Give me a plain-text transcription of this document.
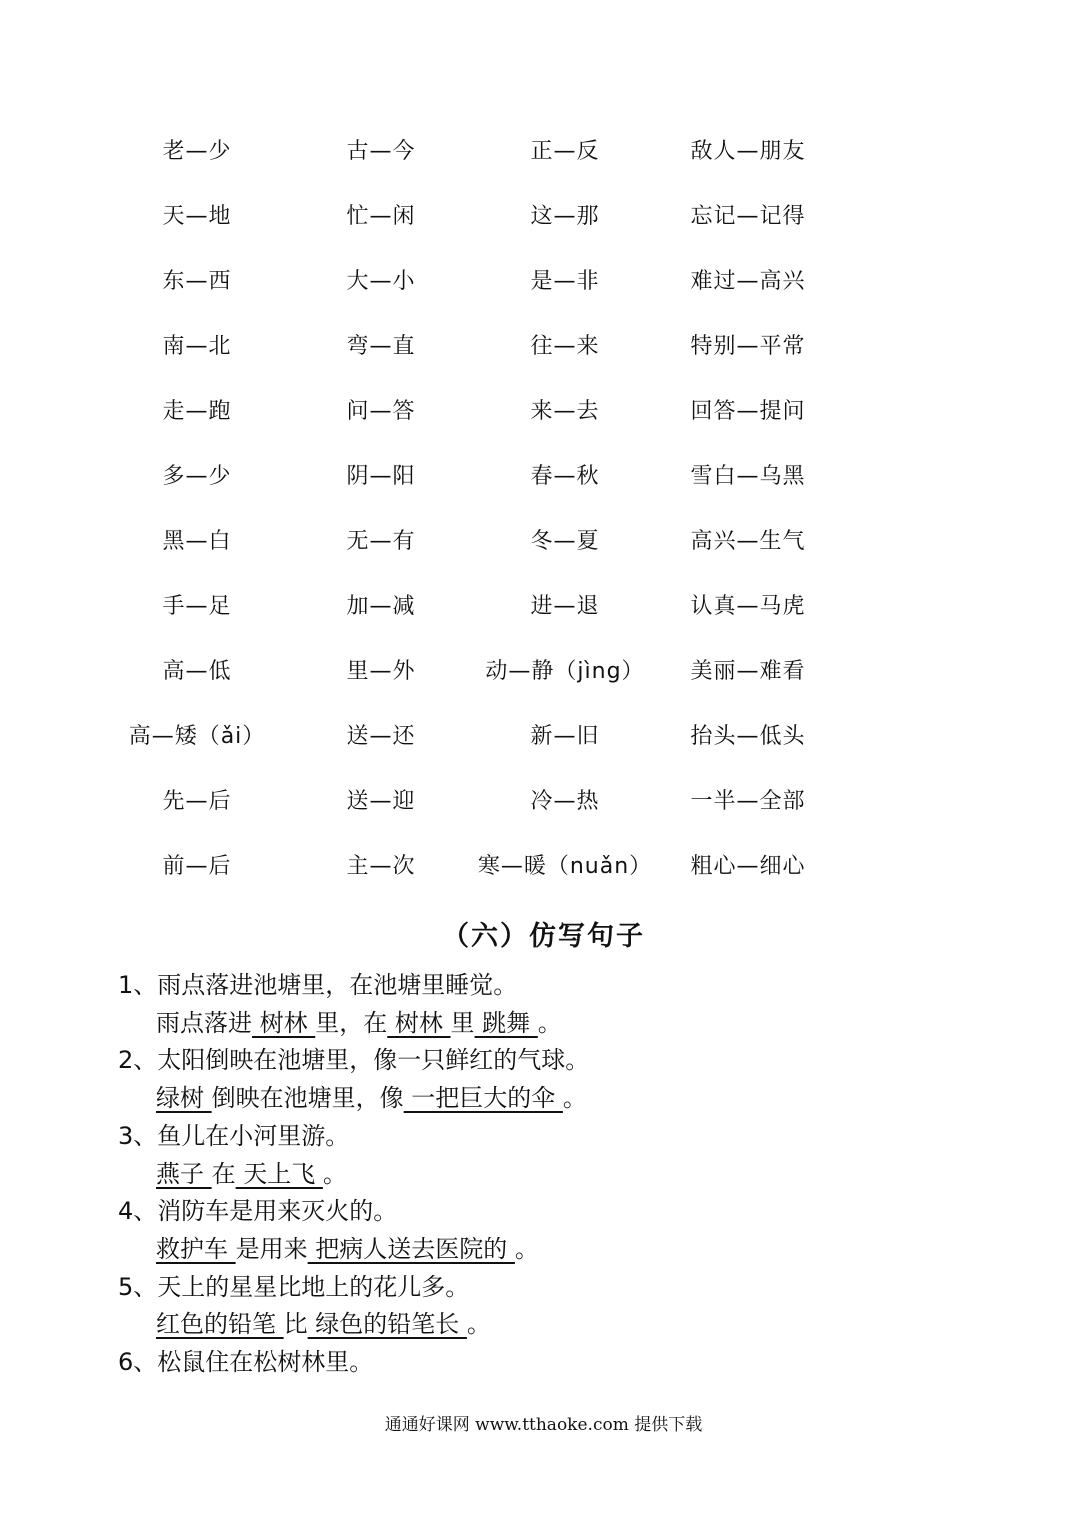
老—少	古—今	正—反	敌人—朋友
天—地	忙—闲	这—那	忘记—记得
东—西	大—小	是—非	难过—高兴
南—北	弯—直	往—来	特别—平常
走—跑	问—答	来—去	回答—提问
多—少	阴—阳	春—秋	雪白—乌黑
黑—白	无—有	冬—夏	高兴—生气
手—足	加—减	进—退	认真—马虎
高—低	里—外	动—静（jìng）	美丽—难看
高—矮（ǎi）	送—还	新—旧	抬头—低头
先—后	送—迎	冷—热	一半—全部
前—后	主—次	寒—暖（nuǎn）	粗心—细心
（六）仿写句子
1、雨点落进池塘里，在池塘里睡觉。
雨点落进 树林 里，在 树林 里 跳舞 。
2、太阳倒映在池塘里，像一只鲜红的气球。
绿树 倒映在池塘里，像 一把巨大的伞 。
3、鱼儿在小河里游。
燕子 在 天上飞 。
4、消防车是用来灭火的。
救护车 是用来 把病人送去医院的 。
5、天上的星星比地上的花儿多。
红色的铅笔 比 绿色的铅笔长 。
6、松鼠住在松树林里。
通通好课网 www.tthaoke.com 提供下载
